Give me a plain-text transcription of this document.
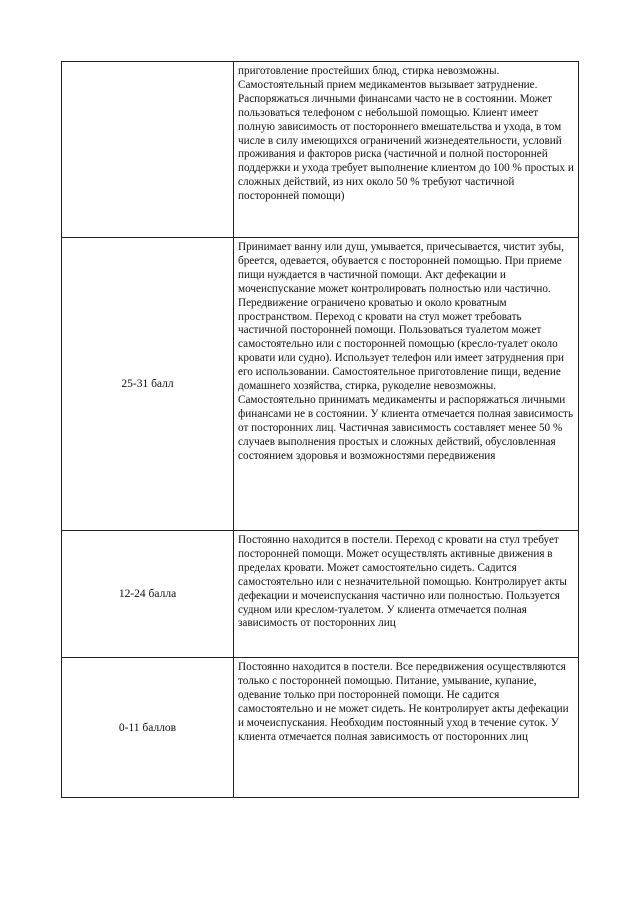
	приготовление простейших блюд, стирка невозможны. Самостоятельный прием медикаментов вызывает затруднение. Распоряжаться личными финансами часто не в состоянии. Может пользоваться телефоном с небольшой помощью. Клиент имеет полную зависимость от постороннего вмешательства и ухода, в том числе в силу имеющихся ограничений жизнедеятельности, условий проживания и факторов риска (частичной и полной посторонней поддержки и ухода требует выполнение клиентом до 100 % простых и сложных действий, из них около 50 % требуют частичной посторонней помощи)
25-31 балл	Принимает ванну или душ, умывается, причесывается, чистит зубы, бреется, одевается, обувается с посторонней помощью. При приеме пищи нуждается в частичной помощи. Акт дефекации и мочеиспускание может контролировать полностью или частично. Передвижение ограничено кроватью и около кроватным пространством. Переход с кровати на стул может требовать частичной посторонней помощи. Пользоваться туалетом может самостоятельно или с посторонней помощью (кресло-туалет около кровати или судно). Использует телефон или имеет затруднения при его использовании. Самостоятельное приготовление пищи, ведение домашнего хозяйства, стирка, рукоделие невозможны. Самостоятельно принимать медикаменты и распоряжаться личными финансами не в состоянии. У клиента отмечается полная зависимость от посторонних лиц. Частичная зависимость составляет менее 50 % случаев выполнения простых и сложных действий, обусловленная состоянием здоровья и возможностями передвижения
12-24 балла	Постоянно находится в постели. Переход с кровати на стул требует посторонней помощи. Может осуществлять активные движения в пределах кровати. Может самостоятельно сидеть. Садится самостоятельно или с незначительной помощью. Контролирует акты дефекации и мочеиспускания частично или полностью. Пользуется судном или креслом-туалетом. У клиента отмечается полная зависимость от посторонних лиц
0-11 баллов	Постоянно находится в постели. Все передвижения осуществляются только с посторонней помощью. Питание, умывание, купание, одевание только при посторонней помощи. Не садится самостоятельно и не может сидеть. Не контролирует акты дефекации и мочеиспускания. Необходим постоянный уход в течение суток. У клиента отмечается полная зависимость от посторонних лиц
